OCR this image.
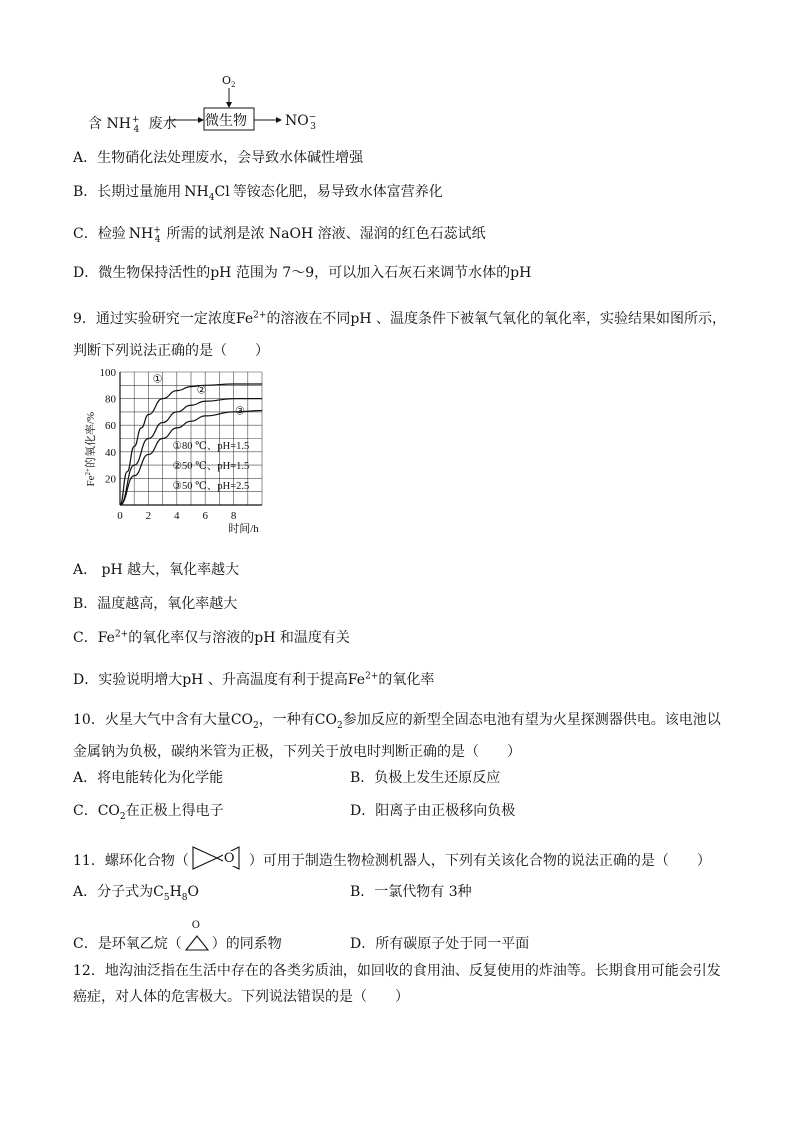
含 $NH^+_4$ 废水 微生物
$O_2$
$NO^-_3$
A．生物硝化法处理废水，会导致水体碱性增强
B．长期过量施用 $NH_4Cl$ 等铵态化肥，易导致水体富营养化
C．检验 $NH^+_4$ 所需的试剂是浓 NaOH 溶液、湿润的红色石蕊试纸
D．微生物保持活性的pH 范围为 7～9，可以加入石灰石来调节水体的pH
9．通过实验研究一定浓度$Fe^{2+}$的溶液在不同pH 、温度条件下被氧气氧化的氧化率，实验结果如图所示，
判断下列说法正确的是（　　）
20
40
60
80
100
0 2 4 6 8
时间/h
$Fe^{2+}$的氧化率/%
①
②
③
①80 ℃、pH=1.5
②50 ℃、pH=1.5
③50 ℃、pH=2.5
A． pH 越大，氧化率越大
B．温度越高，氧化率越大
C．$Fe^{2+}$的氧化率仅与溶液的pH 和温度有关
D．实验说明增大pH 、升高温度有利于提高$Fe^{2+}$的氧化率
10．火星大气中含有大量$CO_2$，一种有$CO_2$参加反应的新型全固态电池有望为火星探测器供电。该电池以
金属钠为负极，碳纳米管为正极，下列关于放电时判断正确的是（　　）
A．将电能转化为化学能	B．负极上发生还原反应
C．$CO_2$在正极上得电子	D．阳离子由正极移向负极
11．螺环化合物（	O ）可用于制造生物检测机器人，下列有关该化合物的说法正确的是（　　）
A．分子式为$C_5H_8O$	B．一氯代物有 3种
C．是环氧乙烷（
O
）的同系物	D．所有碳原子处于同一平面
12．地沟油泛指在生活中存在的各类劣质油，如回收的食用油、反复使用的炸油等。长期食用可能会引发
癌症，对人体的危害极大。下列说法错误的是（　　）
